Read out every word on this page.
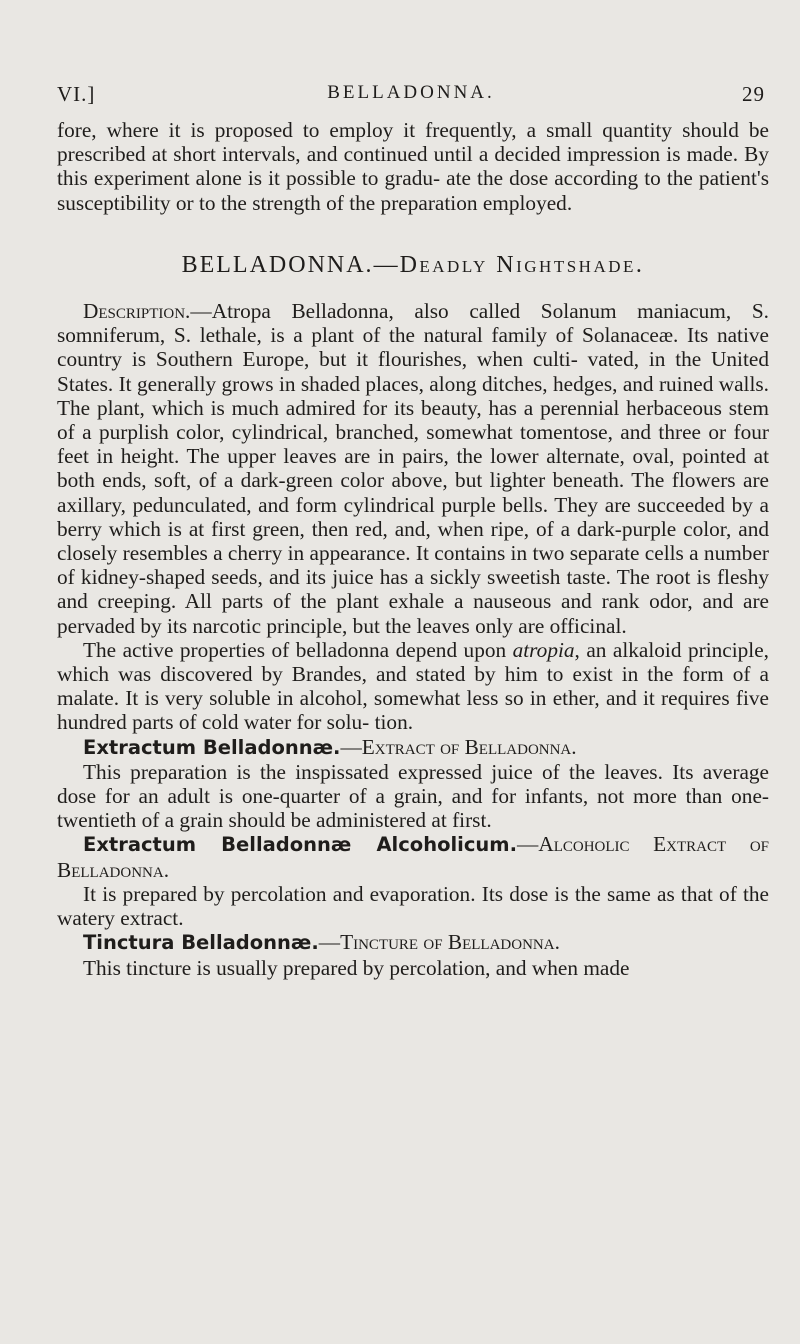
VI.]	BELLADONNA.	29

fore, where it is proposed to employ it frequently, a small quantity should be prescribed at short intervals, and continued until a decided impression is made. By this experiment alone is it possible to gradu- ate the dose according to the patient's susceptibility or to the strength of the preparation employed.

BELLADONNA.—Deadly Nightshade.

Description.—Atropa Belladonna, also called Solanum maniacum, S. somniferum, S. lethale, is a plant of the natural family of Solanaceæ. Its native country is Southern Europe, but it flourishes, when culti- vated, in the United States. It generally grows in shaded places, along ditches, hedges, and ruined walls. The plant, which is much admired for its beauty, has a perennial herbaceous stem of a purplish color, cylindrical, branched, somewhat tomentose, and three or four feet in height. The upper leaves are in pairs, the lower alternate, oval, pointed at both ends, soft, of a dark-green color above, but lighter beneath. The flowers are axillary, pedunculated, and form cylindrical purple bells. They are succeeded by a berry which is at first green, then red, and, when ripe, of a dark-purple color, and closely resembles a cherry in appearance. It contains in two separate cells a number of kidney-shaped seeds, and its juice has a sickly sweetish taste. The root is fleshy and creeping. All parts of the plant exhale a nauseous and rank odor, and are pervaded by its narcotic principle, but the leaves only are officinal.

The active properties of belladonna depend upon atropia, an alkaloid principle, which was discovered by Brandes, and stated by him to exist in the form of a malate. It is very soluble in alcohol, somewhat less so in ether, and it requires five hundred parts of cold water for solu- tion.

Extractum Belladonnæ.—Extract of Belladonna.

This preparation is the inspissated expressed juice of the leaves. Its average dose for an adult is one-quarter of a grain, and for infants, not more than one-twentieth of a grain should be administered at first.

Extractum Belladonnæ Alcoholicum.—Alcoholic Extract of Belladonna.

It is prepared by percolation and evaporation. Its dose is the same as that of the watery extract.

Tinctura Belladonnæ.—Tincture of Belladonna.

This tincture is usually prepared by percolation, and when made
